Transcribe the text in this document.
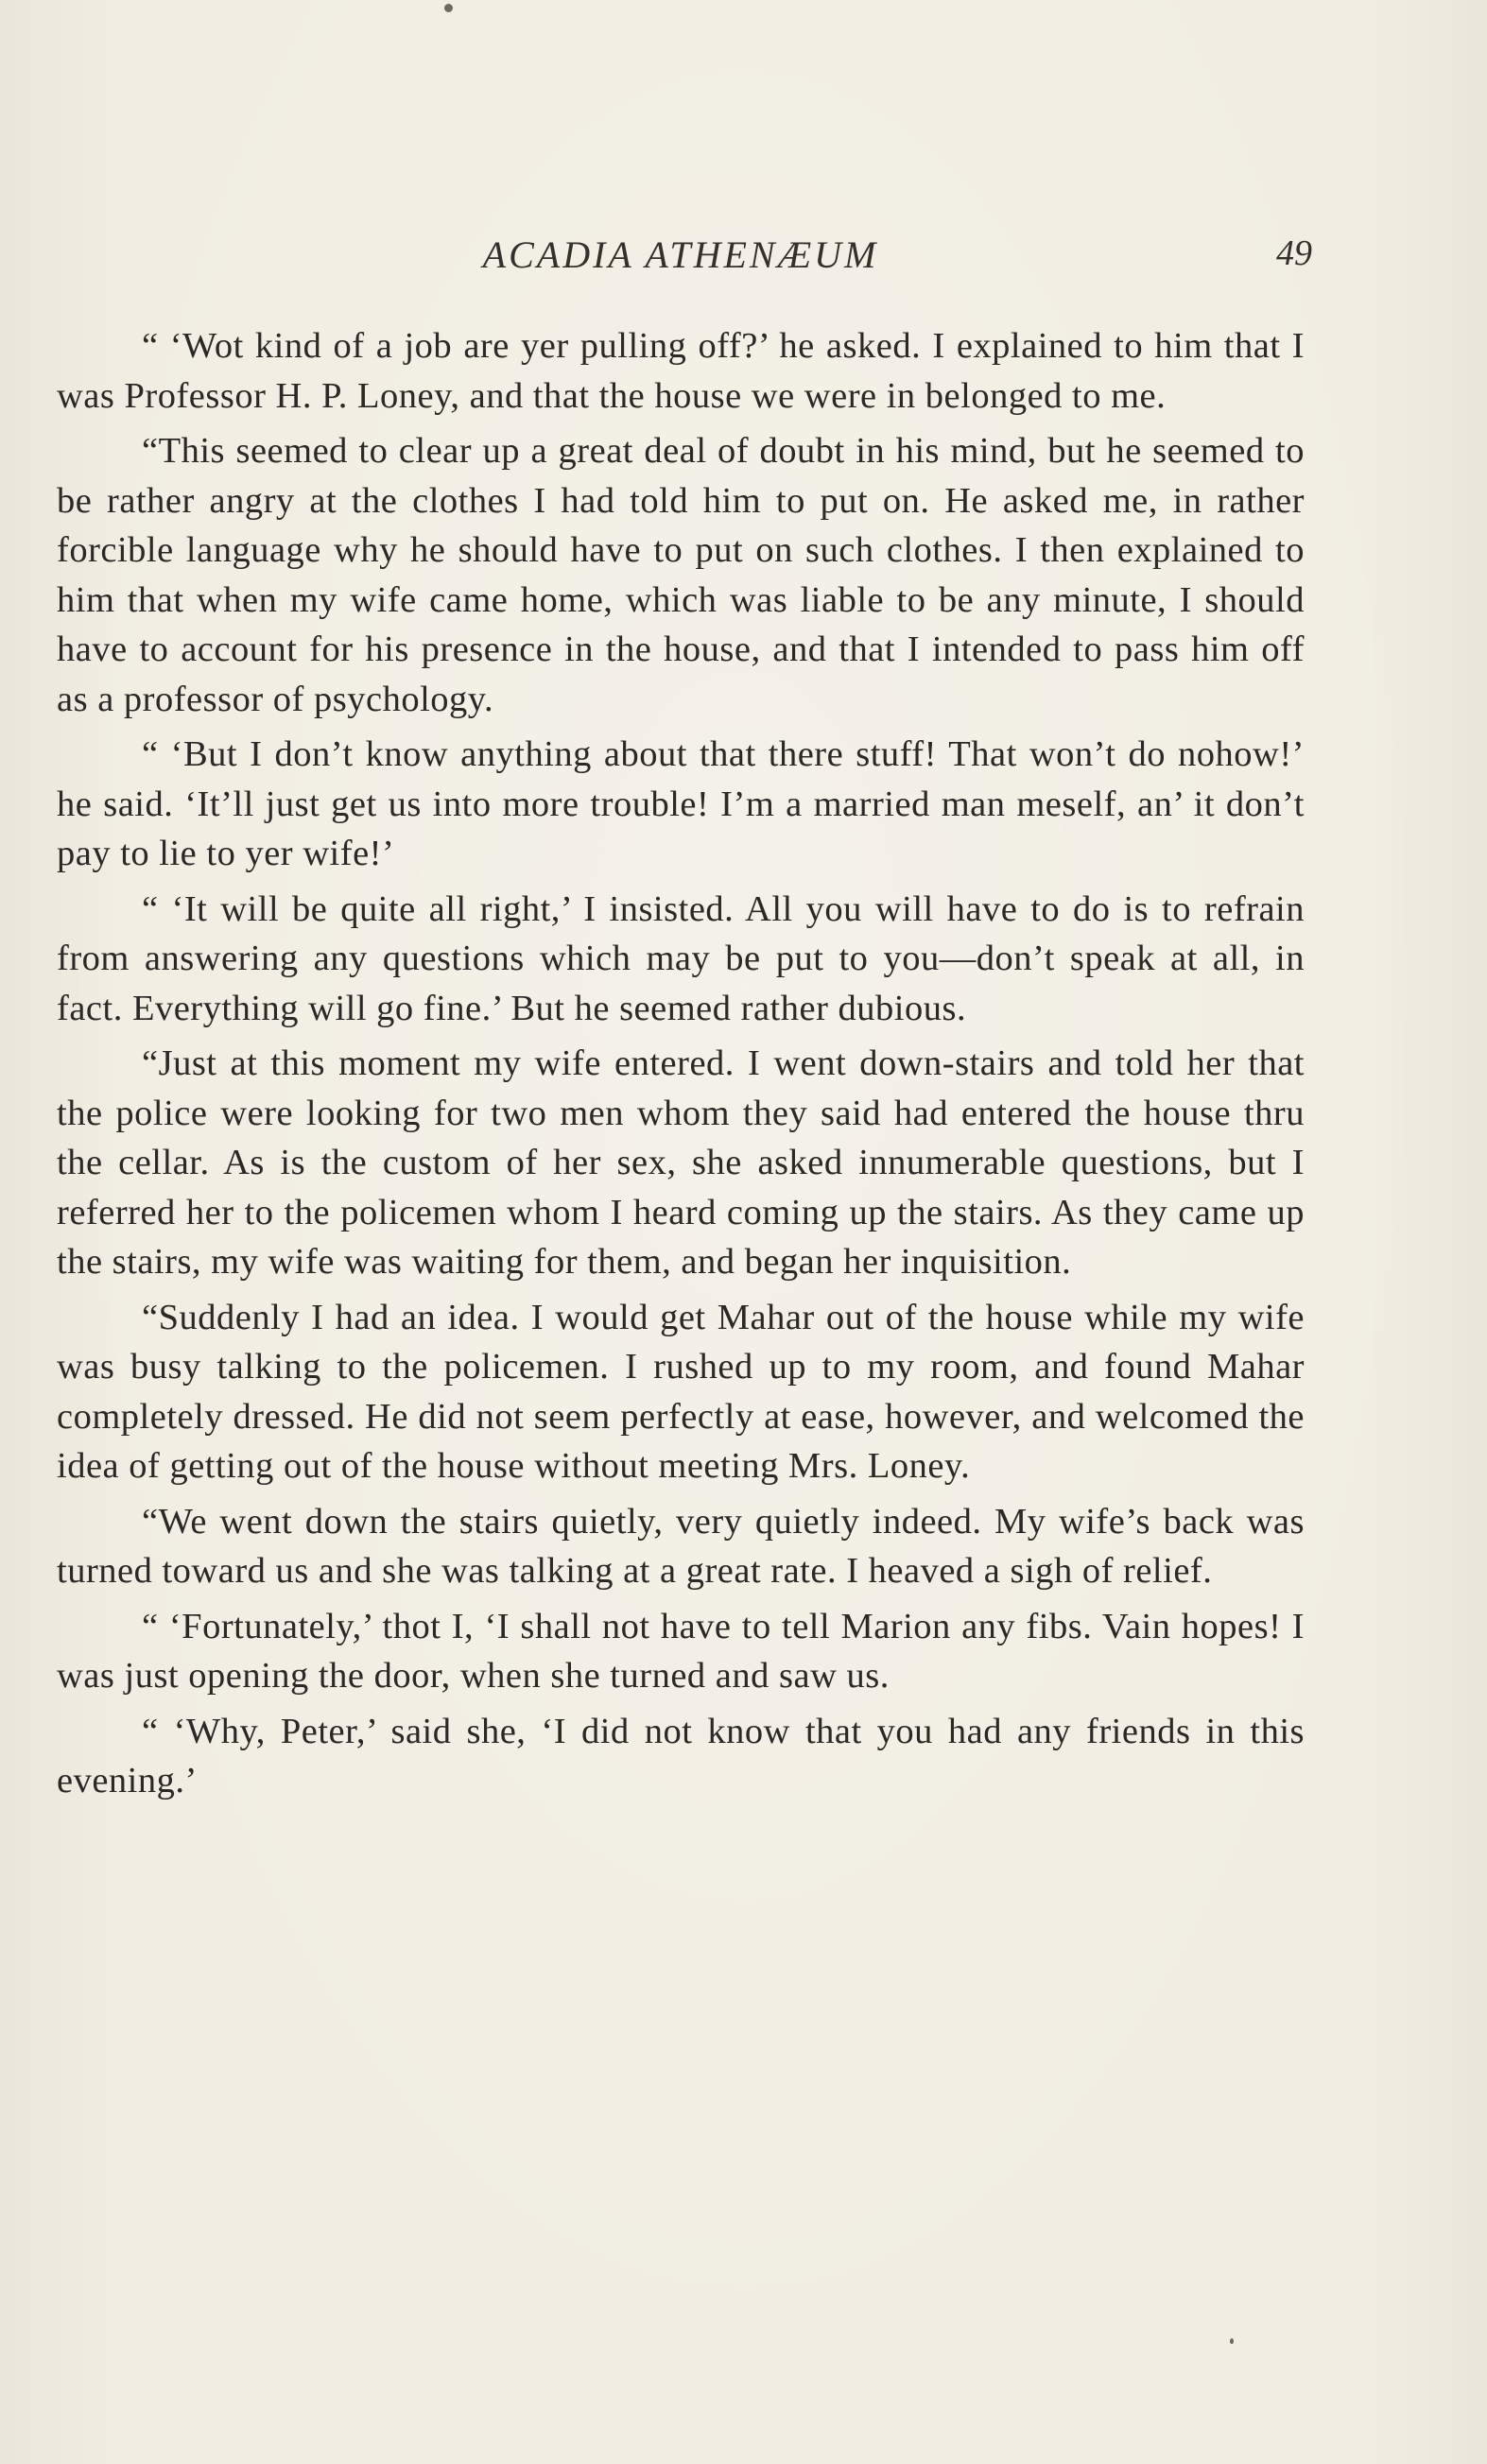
ACADIA ATHENÆUM	49

“ ‘Wot kind of a job are yer pulling off?’ he asked. I explained to him that I was Professor H. P. Loney, and that the house we were in belonged to me.

“This seemed to clear up a great deal of doubt in his mind, but he seemed to be rather angry at the clothes I had told him to put on. He asked me, in rather forcible language why he should have to put on such clothes. I then explained to him that when my wife came home, which was liable to be any minute, I should have to account for his presence in the house, and that I intended to pass him off as a professor of psychology.

“ ‘But I don’t know anything about that there stuff! That won’t do nohow!’ he said. ‘It’ll just get us into more trouble! I’m a married man meself, an’ it don’t pay to lie to yer wife!’

“ ‘It will be quite all right,’ I insisted. All you will have to do is to refrain from answering any questions which may be put to you—don’t speak at all, in fact. Everything will go fine.’ But he seemed rather dubious.

“Just at this moment my wife entered. I went down-stairs and told her that the police were looking for two men whom they said had entered the house thru the cellar. As is the custom of her sex, she asked innumerable questions, but I referred her to the policemen whom I heard coming up the stairs. As they came up the stairs, my wife was waiting for them, and began her inquisition.

“Suddenly I had an idea. I would get Mahar out of the house while my wife was busy talking to the policemen. I rushed up to my room, and found Mahar completely dressed. He did not seem perfectly at ease, however, and welcomed the idea of getting out of the house without meeting Mrs. Loney.

“We went down the stairs quietly, very quietly indeed. My wife’s back was turned toward us and she was talking at a great rate. I heaved a sigh of relief.

“ ‘Fortunately,’ thot I, ‘I shall not have to tell Marion any fibs. Vain hopes! I was just opening the door, when she turned and saw us.

“ ‘Why, Peter,’ said she, ‘I did not know that you had any friends in this evening.’
